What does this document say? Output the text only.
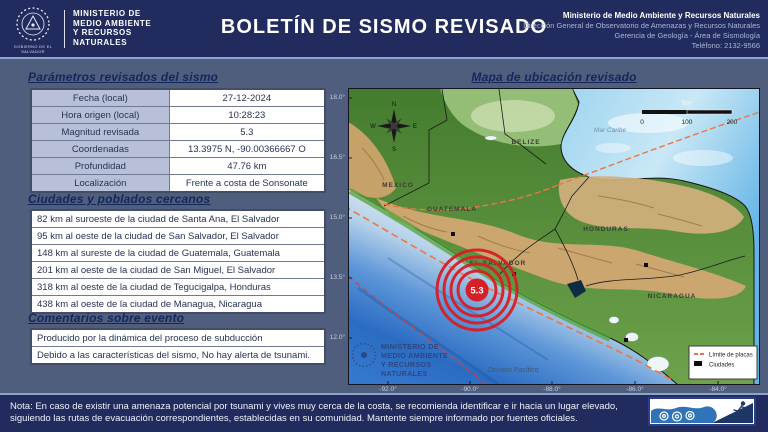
GOBIERNO DE EL SALVADOR
MINISTERIO DE
MEDIO AMBIENTE
Y RECURSOS
NATURALES
BOLETÍN DE SISMO REVISADO
Ministerio de Medio Ambiente y Recursos Naturales
Dirección General de Observatorio de Amenazas y Recursos Naturales
Gerencia de Geología - Área de Sismología
Teléfono: 2132-9566
Parámetros revisados del sismo
Fecha (local)	27-12-2024
Hora origen (local)	10:28:23
Magnitud revisada	5.3
Coordenadas	13.3975 N, -90.00366667 O
Profundidad	47.76 km
Localización	Frente a costa de Sonsonate
Ciudades y poblados cercanos
82 km al suroeste de la ciudad de Santa Ana, El Salvador
95 km al oeste de la ciudad de San Salvador, El Salvador
148 km al sureste de la ciudad de Guatemala, Guatemala
201 km al oeste de la ciudad de San Miguel, El Salvador
318 km al oeste de la ciudad de Tegucigalpa, Honduras
438 km al oeste de la ciudad de Managua, Nicaragua
Comentarios sobre evento
Producido por la dinámica del proceso de subducción
Debido a las características del sismo, No hay alerta de tsunami.
Mapa de ubicación revisado
18.0°
16.5°
15.0°
13.5°
12.0°
-92.0°	-90.0°	-88.0°	-86.0°	-84.0°
MEXICO
BELIZE
GUATEMALA
HONDURAS
EL SALVADOR
NICARAGUA
Mar Caribe
Océano Pacífico
5.3
N
S
E
W
km
0	100	200
MINISTERIO DE
MEDIO AMBIENTE
Y RECURSOS
NATURALES
Límite de placas
Ciudades
Nota: En caso de existir una amenaza potencial por tsunami y vives muy cerca de la costa, se recomienda identificar e ir hacia un lugar elevado, siguiendo las rutas de evacuación correspondientes, establecidas en su comunidad. Mantente siempre informado por fuentes oficiales.
